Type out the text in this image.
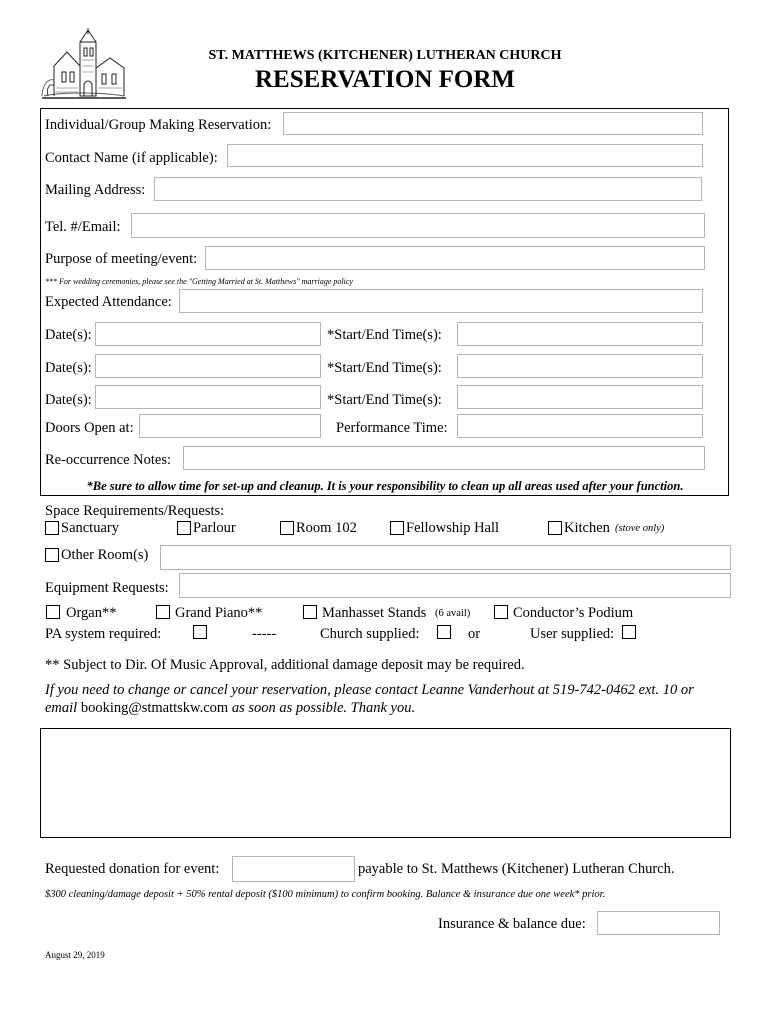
ST. MATTHEWS (KITCHENER) LUTHERAN CHURCH
RESERVATION FORM
Individual/Group Making Reservation:
Contact Name (if applicable):
Mailing Address:
Tel. #/Email:
Purpose of meeting/event:
*** For wedding ceremonies, please see the "Getting Married at St. Matthews" marriage policy
Expected Attendance:
Date(s):	*Start/End Time(s):
Date(s):	*Start/End Time(s):
Date(s):	*Start/End Time(s):
Doors Open at:	Performance Time:
Re-occurrence Notes:
*Be sure to allow time for set-up and cleanup. It is your responsibility to clean up all areas used after your function.
Space Requirements/Requests:
Sanctuary	Parlour	Room 102	Fellowship Hall	Kitchen (stove only)
Other Room(s)
Equipment Requests:
Organ**	Grand Piano**	Manhasset Stands (6 avail)	Conductor’s Podium
PA system required:	-----	Church supplied:	or	User supplied:
** Subject to Dir. Of Music Approval, additional damage deposit may be required.
If you need to change or cancel your reservation, please contact Leanne Vanderhout at 519-742-0462 ext. 10 or
email booking@stmattskw.com as soon as possible. Thank you.
Requested donation for event:	payable to St. Matthews (Kitchener) Lutheran Church.
$300 cleaning/damage deposit + 50% rental deposit ($100 minimum) to confirm booking. Balance & insurance due one week* prior.
Insurance & balance due:
August 29, 2019
